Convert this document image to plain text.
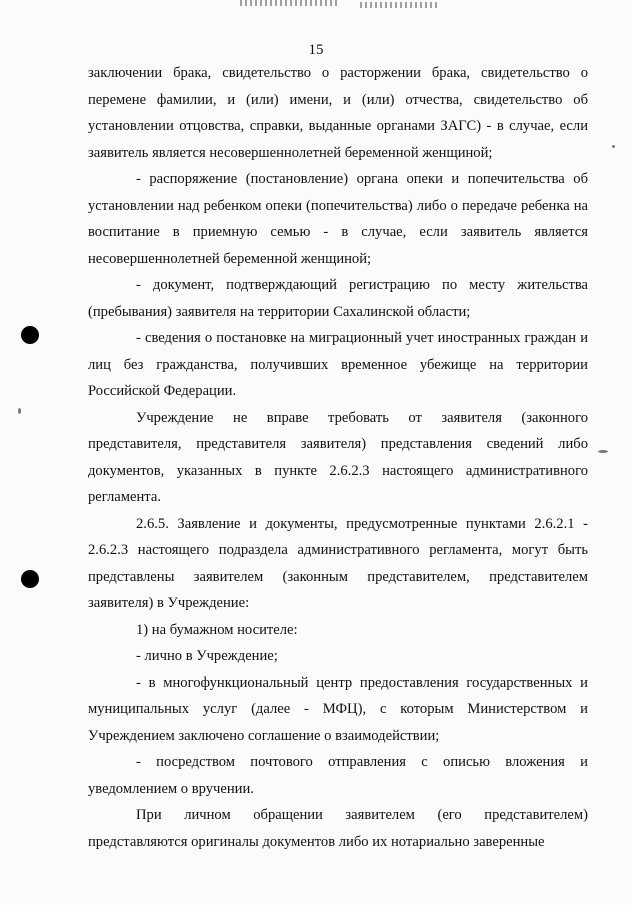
15

заключении брака, свидетельство о расторжении брака, свидетельство о перемене фамилии, и (или) имени, и (или) отчества, свидетельство об установлении отцовства, справки, выданные органами ЗАГС) - в случае, если заявитель является несовершеннолетней беременной женщиной;

- распоряжение (постановление) органа опеки и попечительства об установлении над ребенком опеки (попечительства) либо о передаче ребенка на воспитание в приемную семью - в случае, если заявитель является несовершеннолетней беременной женщиной;

- документ, подтверждающий регистрацию по месту жительства (пребывания) заявителя на территории Сахалинской области;

- сведения о постановке на миграционный учет иностранных граждан и лиц без гражданства, получивших временное убежище на территории Российской Федерации.

Учреждение не вправе требовать от заявителя (законного представителя, представителя заявителя) представления сведений либо документов, указанных в пункте 2.6.2.3 настоящего административного регламента.

2.6.5. Заявление и документы, предусмотренные пунктами 2.6.2.1 - 2.6.2.3 настоящего подраздела административного регламента, могут быть представлены заявителем (законным представителем, представителем заявителя) в Учреждение:

1) на бумажном носителе:

- лично в Учреждение;

- в многофункциональный центр предоставления государственных и муниципальных услуг (далее - МФЦ), с которым Министерством и Учреждением заключено соглашение о взаимодействии;

- посредством почтового отправления с описью вложения и уведомлением о вручении.

При личном обращении заявителем (его представителем) представляются оригиналы документов либо их нотариально заверенные
